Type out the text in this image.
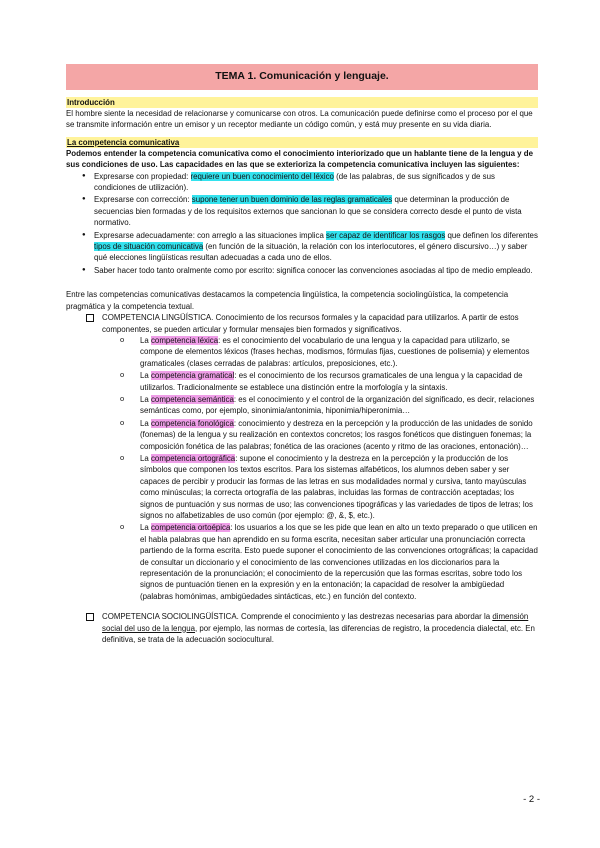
TEMA 1. Comunicación y lenguaje.
Introducción

El hombre siente la necesidad de relacionarse y comunicarse con otros. La comunicación puede definirse como el proceso por el que se transmite información entre un emisor y un receptor mediante un código común, y está muy presente en su vida diaria.

La competencia comunicativa

Podemos entender la competencia comunicativa como el conocimiento interiorizado que un hablante tiene de la lengua y de sus condiciones de uso. Las capacidades en las que se exterioriza la competencia comunicativa incluyen las siguientes:

● Expresarse con propiedad: requiere un buen conocimiento del léxico (de las palabras, de sus significados y de sus condiciones de utilización).
● Expresarse con corrección: supone tener un buen dominio de las reglas gramaticales que determinan la producción de secuencias bien formadas y de los requisitos externos que sancionan lo que se considera correcto desde el punto de vista normativo.
● Expresarse adecuadamente: con arreglo a las situaciones implica ser capaz de identificar los rasgos que definen los diferentes tipos de situación comunicativa (en función de la situación, la relación con los interlocutores, el género discursivo…) y saber qué elecciones lingüísticas resultan adecuadas a cada uno de ellos.
● Saber hacer todo tanto oralmente como por escrito: significa conocer las convenciones asociadas al tipo de medio empleado.

Entre las competencias comunicativas destacamos la competencia lingüística, la competencia sociolingüística, la competencia pragmática y la competencia textual.

COMPETENCIA LINGÜÍSTICA. Conocimiento de los recursos formales y la capacidad para utilizarlos. A partir de estos componentes, se pueden articular y formular mensajes bien formados y significativos.
o La competencia léxica: es el conocimiento del vocabulario de una lengua y la capacidad para utilizarlo, se compone de elementos léxicos (frases hechas, modismos, fórmulas fijas, cuestiones de polisemia) y elementos gramaticales (clases cerradas de palabras: artículos, preposiciones, etc.).
o La competencia gramatical: es el conocimiento de los recursos gramaticales de una lengua y la capacidad de utilizarlos. Tradicionalmente se establece una distinción entre la morfología y la sintaxis.
o La competencia semántica: es el conocimiento y el control de la organización del significado, es decir, relaciones semánticas como, por ejemplo, sinonimia/antonimia, hiponimia/hiperonimia…
o La competencia fonológica: conocimiento y destreza en la percepción y la producción de las unidades de sonido (fonemas) de la lengua y su realización en contextos concretos; los rasgos fonéticos que distinguen fonemas; la composición fonética de las palabras; fonética de las oraciones (acento y ritmo de las oraciones, entonación)…
o La competencia ortográfica: supone el conocimiento y la destreza en la percepción y la producción de los símbolos que componen los textos escritos. Para los sistemas alfabéticos, los alumnos deben saber y ser capaces de percibir y producir las formas de las letras en sus modalidades normal y cursiva, tanto mayúsculas como minúsculas; la correcta ortografía de las palabras, incluidas las formas de contracción aceptadas; los signos de puntuación y sus normas de uso; las convenciones tipográficas y las variedades de tipos de letras; los signos no alfabetizables de uso común (por ejemplo: @, &, $, etc.).
o La competencia ortoépica: los usuarios a los que se les pide que lean en alto un texto preparado o que utilicen en el habla palabras que han aprendido en su forma escrita, necesitan saber articular una pronunciación correcta partiendo de la forma escrita. Esto puede suponer el conocimiento de las convenciones ortográficas; la capacidad de consultar un diccionario y el conocimiento de las convenciones utilizadas en los diccionarios para la representación de la pronunciación; el conocimiento de la repercusión que las formas escritas, sobre todo los signos de puntuación tienen en la expresión y en la entonación; la capacidad de resolver la ambigüedad (palabras homónimas, ambigüedades sintácticas, etc.) en función del contexto.
COMPETENCIA SOCIOLINGÜÍSTICA. Comprende el conocimiento y las destrezas necesarias para abordar la dimensión social del uso de la lengua, por ejemplo, las normas de cortesía, las diferencias de registro, la procedencia dialectal, etc. En definitiva, se trata de la adecuación sociocultural.
- 2 -
